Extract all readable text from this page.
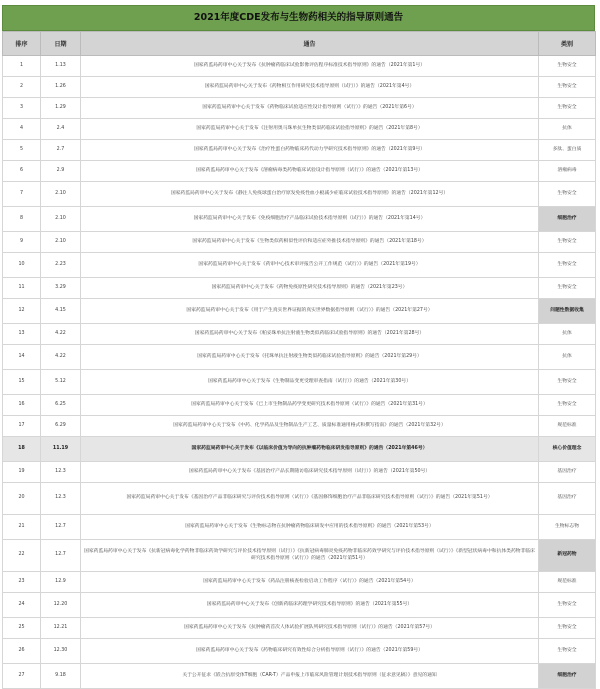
2021年度CDE发布与生物药相关的指导原则通告
排序	日期	通告	类别
1	1.13	国家药监局药审中心关于发布《抗肿瘤药临床试验影像评估程序标准技术指导原则》的通告（2021年第1号）	生物安全
2	1.26	国家药监局药审中心关于发布《药物相互作用研究技术指导原则（试行）》的通告（2021年第4号）	生物安全
3	1.29	国家药监局药审中心关于发布《药物临床试验适应性设计指导原则（试行）》的通告（2021年第6号）	生物安全
4	2.4	国家药监局药审中心关于发布《注射用奥马珠单抗生物类似药临床试验指导原则》的通告（2021年第8号）	抗体
5	2.7	国家药监局药审中心关于发布《治疗性蛋白药物临床药代动力学研究技术指导原则》的通告（2021年第9号）	多肽、蛋白质
6	2.9	国家药监局药审中心关于发布《溶瘤病毒类药物临床试验设计指导原则（试行）》的通告（2021年第13号）	溶瘤病毒
7	2.10	国家药监局药审中心关于发布《静注人免疫球蛋白治疗原发免疫性血小板减少症临床试验技术指导原则》的通告（2021年第12号）	生物安全
8	2.10	国家药监局药审中心关于发布《免疫细胞治疗产品临床试验技术指导原则（试行）》的通告（2021年第14号）	细胞治疗
9	2.10	国家药监局药审中心关于发布《生物类似药相似性评价和适应症外推技术指导原则》的通告（2021年第18号）	生物安全
10	2.23	国家药监局药审中心关于发布《药审中心技术审评报告公开工作规范（试行）》的通告（2021年第19号）	生物安全
11	3.29	国家药监局药审中心关于发布《药物免疫原性研究技术指导原则》的通告（2021年第23号）	生物安全
12	4.15	国家药监局药审中心关于发布《用于产生真实世界证据的真实世界数据指导原则（试行）》的通告（2021年第27号）	问题性数据收集
13	4.22	国家药监局药审中心关于发布《帕妥珠单抗注射液生物类似药临床试验指导原则》的通告（2021年第28号）	抗体
14	4.22	国家药监局药审中心关于发布《托珠单抗注射液生物类似药临床试验指导原则》的通告（2021年第29号）	抗体
15	5.12	国家药监局药审中心关于发布《生物制品变更受理审查指南（试行）》的通告（2021年第30号）	生物安全
16	6.25	国家药监局药审中心关于发布《已上市生物制品药学变更研究技术指导原则（试行）》的通告（2021年第31号）	生物安全
17	6.29	国家药监局药审中心关于发布《中药、化学药品及生物制品生产工艺、质量标准通用格式和撰写指南》的通告（2021年第32号）	规范标准
18	11.19	国家药监局药审中心关于发布《以临床价值为导向的抗肿瘤药物临床研发指导原则》的通告（2021年第46号）	核心价值理念
19	12.3	国家药监局药审中心关于发布《基因治疗产品长期随访临床研究技术指导原则（试行）》的通告（2021年第50号）	基因治疗
20	12.3	国家药监局药审中心关于发布《基因治疗产品非临床研究与评价技术指导原则（试行）》《基因修饰细胞治疗产品非临床研究技术指导原则（试行）》的通告（2021年第51号）	基因治疗
21	12.7	国家药监局药审中心关于发布《生物标志物在抗肿瘤药物临床研发中应用的技术指导原则》的通告（2021年第53号）	生物标志物
22	12.7	国家药监局药审中心关于发布《抗新冠病毒化学药物非临床药效学研究与评价技术指导原则（试行）》《抗新冠病毒肺炎免疫药物非临床药效学研究与评价技术指导原则（试行）》《新型冠状病毒中和抗体类药物非临床研究技术指导原则（试行）》的通告（2021年第51号）	新冠药物
23	12.9	国家药监局药审中心关于发布《药品注册核查检验启动工作程序（试行）》的通告（2021年第54号）	规范标准
24	12.20	国家药监局药审中心关于发布《创新药临床药理学研究技术指导原则》的通告（2021年第55号）	生物安全
25	12.21	国家药监局药审中心关于发布《抗肿瘤药首次人体试验扩展队列研究技术指导原则（试行）》的通告（2021年第57号）	生物安全
26	12.30	国家药监局药审中心关于发布《药物临床研究有效性综合分析指导原则（试行）》的通告（2021年第59号）	生物安全
27	9.18	关于公开征求《嵌合抗原受体T细胞（CAR-T）产品申报上市临床风险管理计划技术指导原则（征求意见稿）》意见的通知	细胞治疗
